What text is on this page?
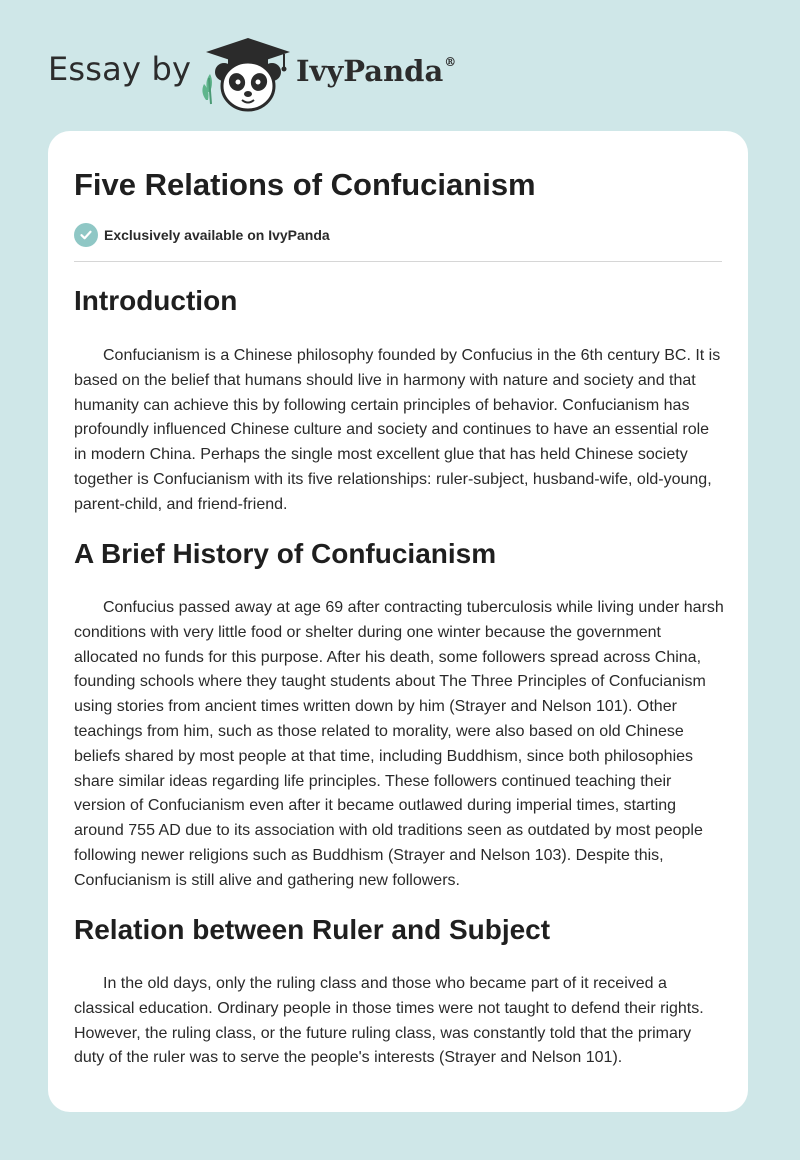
Essay by	IvyPanda®
Five Relations of Confucianism
Exclusively available on IvyPanda
Introduction

Confucianism is a Chinese philosophy founded by Confucius in the 6th century BC. It is based on the belief that humans should live in harmony with nature and society and that humanity can achieve this by following certain principles of behavior. Confucianism has profoundly influenced Chinese culture and society and continues to have an essential role in modern China. Perhaps the single most excellent glue that has held Chinese society together is Confucianism with its five relationships: ruler-subject, husband-wife, old-young, parent-child, and friend-friend.

A Brief History of Confucianism

Confucius passed away at age 69 after contracting tuberculosis while living under harsh conditions with very little food or shelter during one winter because the government allocated no funds for this purpose. After his death, some followers spread across China, founding schools where they taught students about The Three Principles of Confucianism using stories from ancient times written down by him (Strayer and Nelson 101). Other teachings from him, such as those related to morality, were also based on old Chinese beliefs shared by most people at that time, including Buddhism, since both philosophies share similar ideas regarding life principles. These followers continued teaching their version of Confucianism even after it became outlawed during imperial times, starting around 755 AD due to its association with old traditions seen as outdated by most people following newer religions such as Buddhism (Strayer and Nelson 103). Despite this, Confucianism is still alive and gathering new followers.

Relation between Ruler and Subject

In the old days, only the ruling class and those who became part of it received a classical education. Ordinary people in those times were not taught to defend their rights. However, the ruling class, or the future ruling class, was constantly told that the primary duty of the ruler was to serve the people's interests (Strayer and Nelson 101).
